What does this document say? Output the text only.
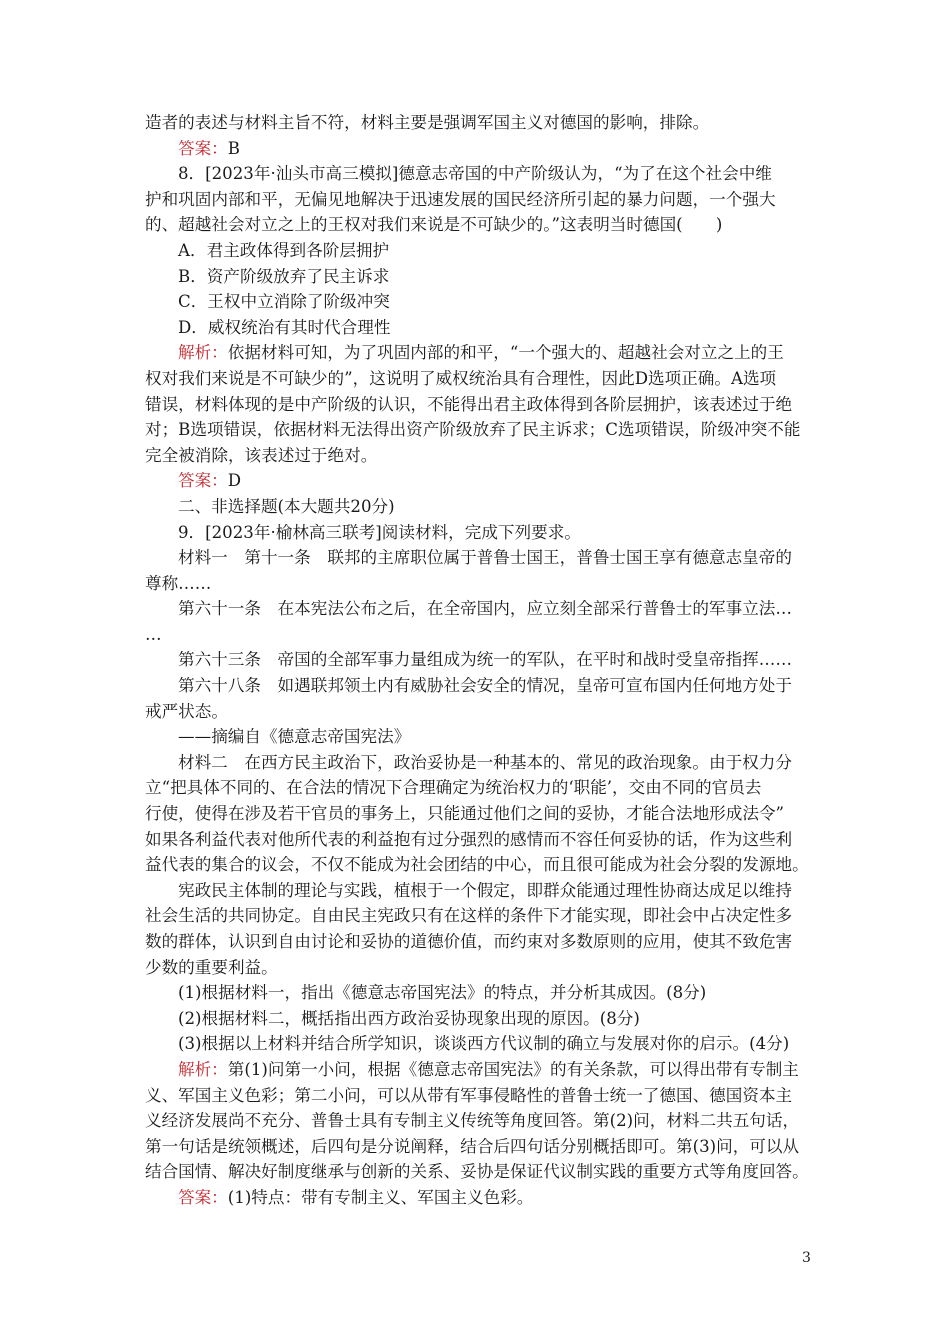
造者的表述与材料主旨不符，材料主要是强调军国主义对德国的影响，排除。

答案：B

8．[2023年·汕头市高三模拟]德意志帝国的中产阶级认为，“为了在这个社会中维

护和巩固内部和平，无偏见地解决于迅速发展的国民经济所引起的暴力问题，一个强大

的、超越社会对立之上的王权对我们来说是不可缺少的。”这表明当时德国(　　)

A．君主政体得到各阶层拥护

B．资产阶级放弃了民主诉求

C．王权中立消除了阶级冲突

D．威权统治有其时代合理性

解析：依据材料可知，为了巩固内部的和平，“一个强大的、超越社会对立之上的王

权对我们来说是不可缺少的”，这说明了威权统治具有合理性，因此D选项正确。A选项

错误，材料体现的是中产阶级的认识，不能得出君主政体得到各阶层拥护，该表述过于绝

对；B选项错误，依据材料无法得出资产阶级放弃了民主诉求；C选项错误，阶级冲突不能

完全被消除，该表述过于绝对。

答案：D

二、非选择题(本大题共20分)

9．[2023年·榆林高三联考]阅读材料，完成下列要求。

材料一　第十一条　联邦的主席职位属于普鲁士国王，普鲁士国王享有德意志皇帝的

尊称……

第六十一条　在本宪法公布之后，在全帝国内，应立刻全部采行普鲁士的军事立法…

…

第六十三条　帝国的全部军事力量组成为统一的军队，在平时和战时受皇帝指挥……

第六十八条　如遇联邦领土内有威胁社会安全的情况，皇帝可宣布国内任何地方处于

戒严状态。

——摘编自《德意志帝国宪法》

材料二　在西方民主政治下，政治妥协是一种基本的、常见的政治现象。由于权力分

立“把具体不同的、在合法的情况下合理确定为统治权力的‘职能’，交由不同的官员去

行使，使得在涉及若干官员的事务上，只能通过他们之间的妥协，才能合法地形成法令”

如果各利益代表对他所代表的利益抱有过分强烈的感情而不容任何妥协的话，作为这些利

益代表的集合的议会，不仅不能成为社会团结的中心，而且很可能成为社会分裂的发源地。

宪政民主体制的理论与实践，植根于一个假定，即群众能通过理性协商达成足以维持

社会生活的共同协定。自由民主宪政只有在这样的条件下才能实现，即社会中占决定性多

数的群体，认识到自由讨论和妥协的道德价值，而约束对多数原则的应用，使其不致危害

少数的重要利益。

(1)根据材料一，指出《德意志帝国宪法》的特点，并分析其成因。(8分)

(2)根据材料二，概括指出西方政治妥协现象出现的原因。(8分)

(3)根据以上材料并结合所学知识，谈谈西方代议制的确立与发展对你的启示。(4分)

解析：第(1)问第一小问，根据《德意志帝国宪法》的有关条款，可以得出带有专制主

义、军国主义色彩；第二小问，可以从带有军事侵略性的普鲁士统一了德国、德国资本主

义经济发展尚不充分、普鲁士具有专制主义传统等角度回答。第(2)问，材料二共五句话，

第一句话是统领概述，后四句是分说阐释，结合后四句话分别概括即可。第(3)问，可以从

结合国情、解决好制度继承与创新的关系、妥协是保证代议制实践的重要方式等角度回答。

答案：(1)特点：带有专制主义、军国主义色彩。

3
